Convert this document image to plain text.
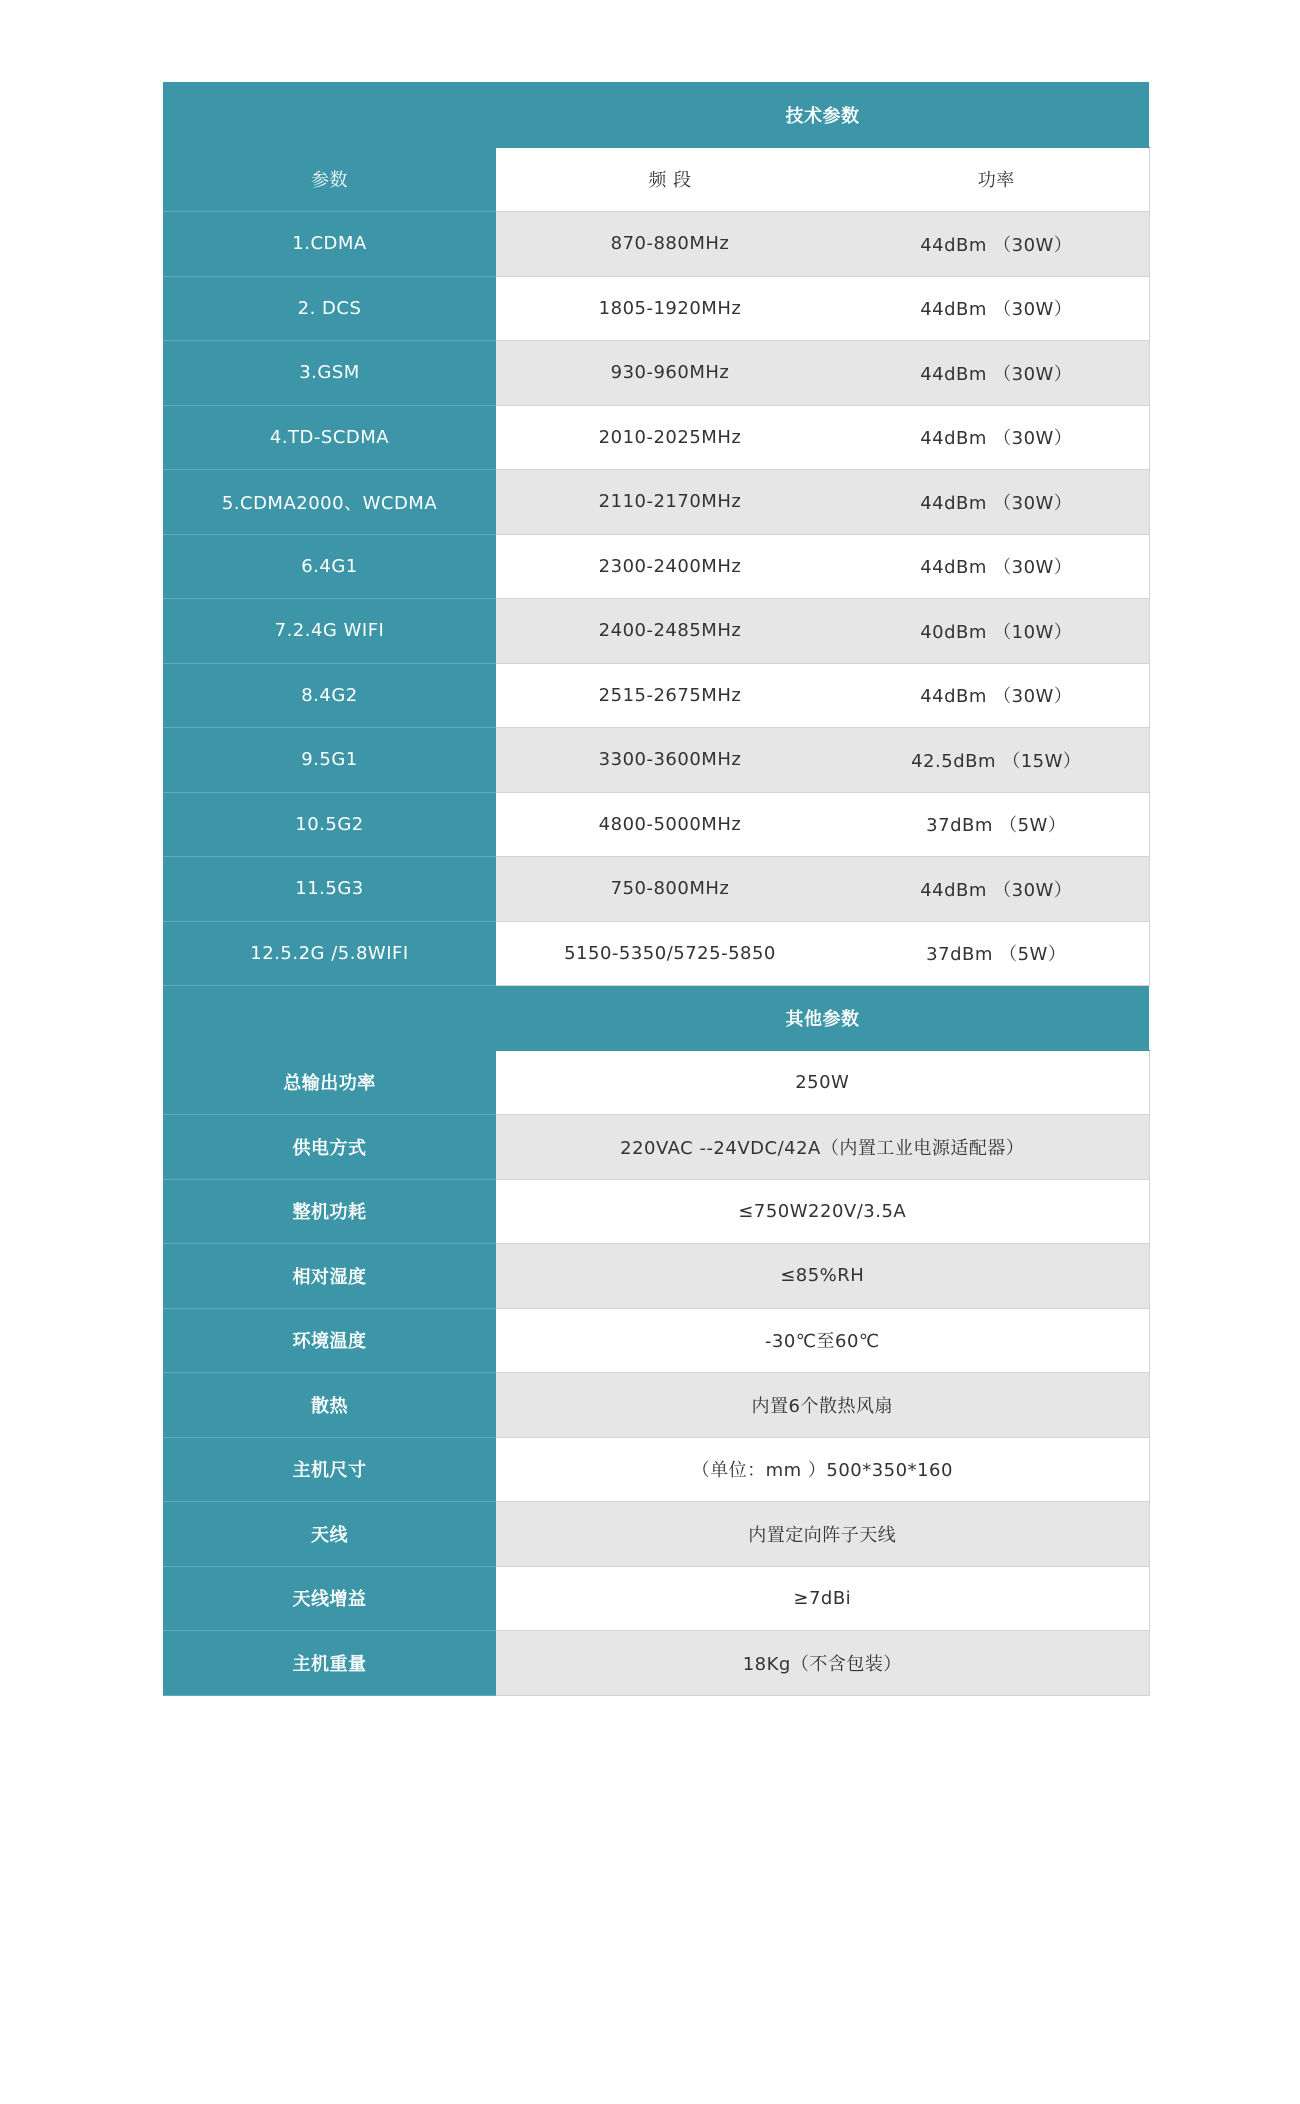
技术参数		
参数	频 段	功率
1.CDMA	870-880MHz	44dBm （30W）
2. DCS	1805-1920MHz	44dBm （30W）
3.GSM	930-960MHz	44dBm （30W）
4.TD-SCDMA	2010-2025MHz	44dBm （30W）
5.CDMA2000、WCDMA	2110-2170MHz	44dBm （30W）
6.4G1	2300-2400MHz	44dBm （30W）
7.2.4G WIFI	2400-2485MHz	40dBm （10W）
8.4G2	2515-2675MHz	44dBm （30W）
9.5G1	3300-3600MHz	42.5dBm （15W）
10.5G2	4800-5000MHz	37dBm （5W）
11.5G3	750-800MHz	44dBm （30W）
12.5.2G /5.8WIFI	5150-5350/5725-5850	37dBm （5W）
其他参数		
总输出功率	250W	
供电方式	220VAC --24VDC/42A（内置工业电源适配器）	
整机功耗	≤750W220V/3.5A	
相对湿度	≤85%RH	
环境温度	-30℃至60℃	
散热	内置6个散热风扇	
主机尺寸	（单位：mm ）500*350*160	
天线	内置定向阵子天线	
天线增益	≥7dBi	
主机重量	18Kg（不含包装）	
